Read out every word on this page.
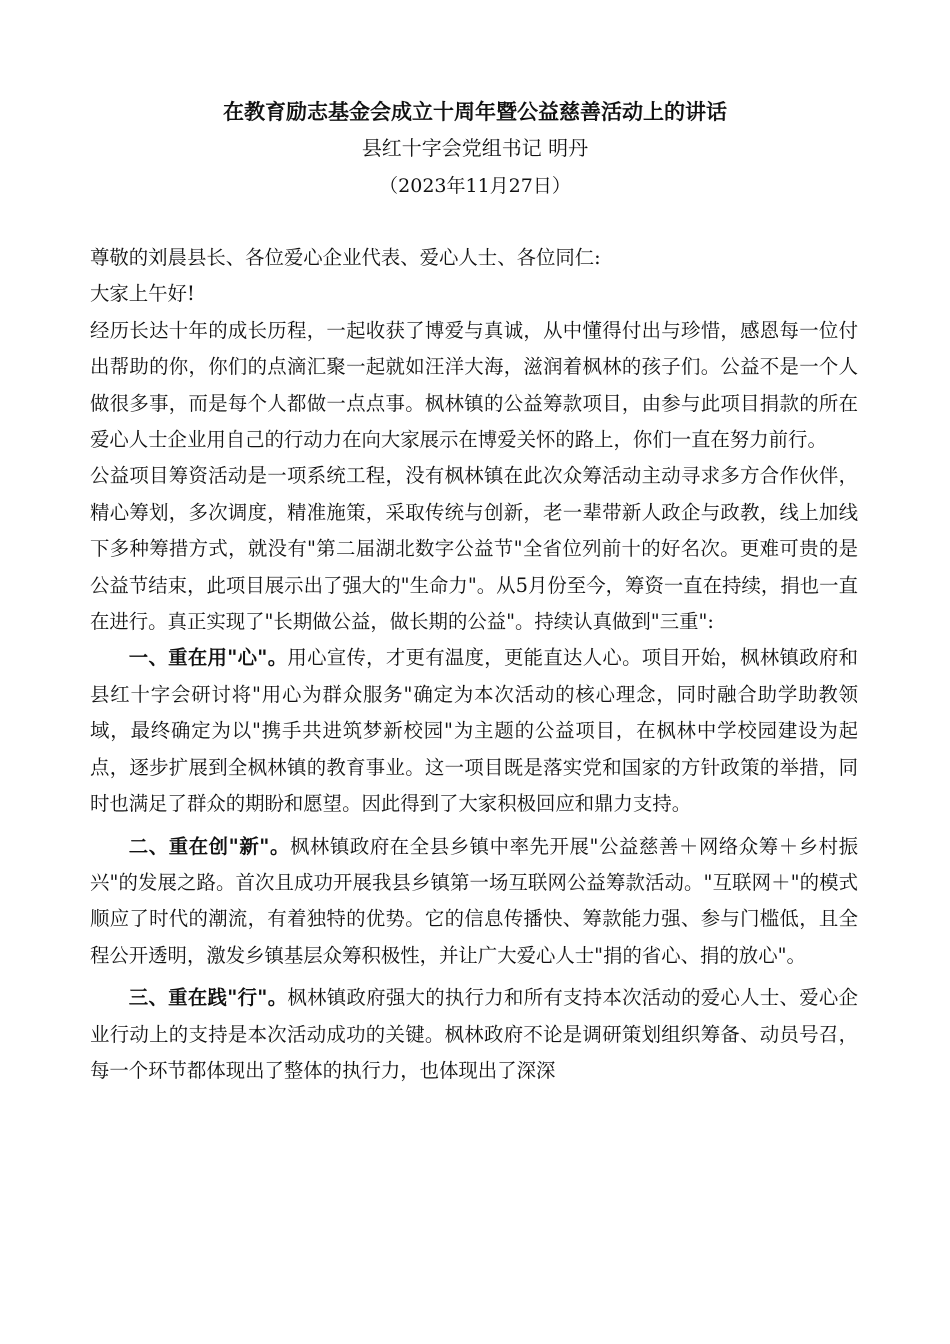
在教育励志基金会成立十周年暨公益慈善活动上的讲话
县红十字会党组书记 明丹
（2023年11月27日）

尊敬的刘晨县长、各位爱心企业代表、爱心人士、各位同仁:

大家上午好!

经历长达十年的成长历程，一起收获了博爱与真诚，从中懂得付出与珍惜，感恩每一位付出帮助的你，你们的点滴汇聚一起就如汪洋大海，滋润着枫林的孩子们。公益不是一个人做很多事，而是每个人都做一点点事。枫林镇的公益筹款项目，由参与此项目捐款的所在爱心人士企业用自己的行动力在向大家展示在博爱关怀的路上，你们一直在努力前行。

公益项目筹资活动是一项系统工程，没有枫林镇在此次众筹活动主动寻求多方合作伙伴，精心筹划，多次调度，精准施策，采取传统与创新，老一辈带新人政企与政教，线上加线下多种筹措方式，就没有"第二届湖北数字公益节"全省位列前十的好名次。更难可贵的是公益节结束，此项目展示出了强大的"生命力"。从5月份至今，筹资一直在持续，捐也一直在进行。真正实现了"长期做公益，做长期的公益"。持续认真做到"三重":

一、重在用"心"。用心宣传，才更有温度，更能直达人心。项目开始，枫林镇政府和县红十字会研讨将"用心为群众服务"确定为本次活动的核心理念，同时融合助学助教领域，最终确定为以"携手共进筑梦新校园"为主题的公益项目，在枫林中学校园建设为起点，逐步扩展到全枫林镇的教育事业。这一项目既是落实党和国家的方针政策的举措，同时也满足了群众的期盼和愿望。因此得到了大家积极回应和鼎力支持。

二、重在创"新"。枫林镇政府在全县乡镇中率先开展"公益慈善＋网络众筹＋乡村振兴"的发展之路。首次且成功开展我县乡镇第一场互联网公益筹款活动。"互联网＋"的模式顺应了时代的潮流，有着独特的优势。它的信息传播快、筹款能力强、参与门槛低，且全程公开透明，激发乡镇基层众筹积极性，并让广大爱心人士"捐的省心、捐的放心"。

三、重在践"行"。枫林镇政府强大的执行力和所有支持本次活动的爱心人士、爱心企业行动上的支持是本次活动成功的关键。枫林政府不论是调研策划组织筹备、动员号召，每一个环节都体现出了整体的执行力，也体现出了深深
